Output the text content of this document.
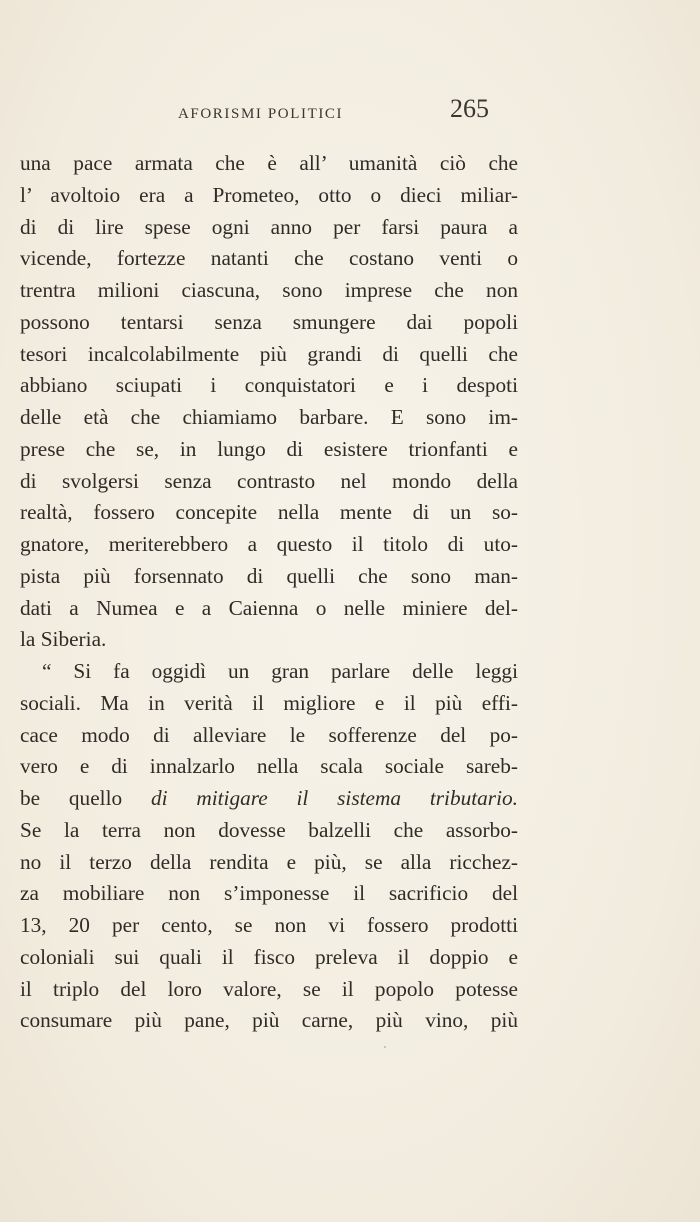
AFORISMI POLITICI	265
una pace armata che è all’ umanità ciò che
l’ avoltoio era a Prometeo, otto o dieci miliar-
di di lire spese ogni anno per farsi paura a
vicende, fortezze natanti che costano venti o
trentra milioni ciascuna, sono imprese che non
possono tentarsi senza smungere dai popoli
tesori incalcolabilmente più grandi di quelli che
abbiano sciupati i conquistatori e i despoti
delle età che chiamiamo barbare. E sono im-
prese che se, in lungo di esistere trionfanti e
di svolgersi senza contrasto nel mondo della
realtà, fossero concepite nella mente di un so-
gnatore, meriterebbero a questo il titolo di uto-
pista più forsennato di quelli che sono man-
dati a Numea e a Caienna o nelle miniere del-
la Siberia.
“ Si fa oggidì un gran parlare delle leggi
sociali. Ma in verità il migliore e il più effi-
cace modo di alleviare le sofferenze del po-
vero e di innalzarlo nella scala sociale sareb-
be quello di mitigare il sistema tributario.
Se la terra non dovesse balzelli che assorbo-
no il terzo della rendita e più, se alla ricchez-
za mobiliare non s’imponesse il sacrificio del
13, 20 per cento, se non vi fossero prodotti
coloniali sui quali il fisco preleva il doppio e
il triplo del loro valore, se il popolo potesse
consumare più pane, più carne, più vino, più
